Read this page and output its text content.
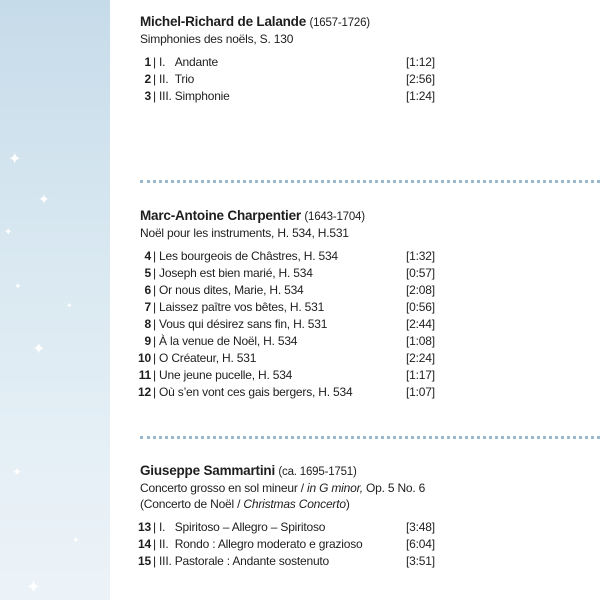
✦
✦
✦
✦
✦
✦
✦
✦
✦
Michel-Richard de Lalande (1657-1726)
Simphonies des noëls, S. 130
1 | I.   Andante	[1:12]
2 | II.  Trio	[2:56]
3 | III. Simphonie	[1:24]
Marc-Antoine Charpentier (1643-1704)
Noël pour les instruments, H. 534, H.531
4 | Les bourgeois de Châstres, H. 534	[1:32]
5 | Joseph est bien marié, H. 534	[0:57]
6 | Or nous dites, Marie, H. 534	[2:08]
7 | Laissez paître vos bêtes, H. 531	[0:56]
8 | Vous qui désirez sans fin, H. 531	[2:44]
9 | À la venue de Noël, H. 534	[1:08]
10 | O Créateur, H. 531	[2:24]
11 | Une jeune pucelle, H. 534	[1:17]
12 | Où s’en vont ces gais bergers, H. 534	[1:07]
Giuseppe Sammartini (ca. 1695-1751)
Concerto grosso en sol mineur / in G minor, Op. 5 No. 6
(Concerto de Noël / Christmas Concerto)
13 | I.   Spiritoso – Allegro – Spiritoso	[3:48]
14 | II.  Rondo : Allegro moderato e grazioso	[6:04]
15 | III. Pastorale : Andante sostenuto	[3:51]
